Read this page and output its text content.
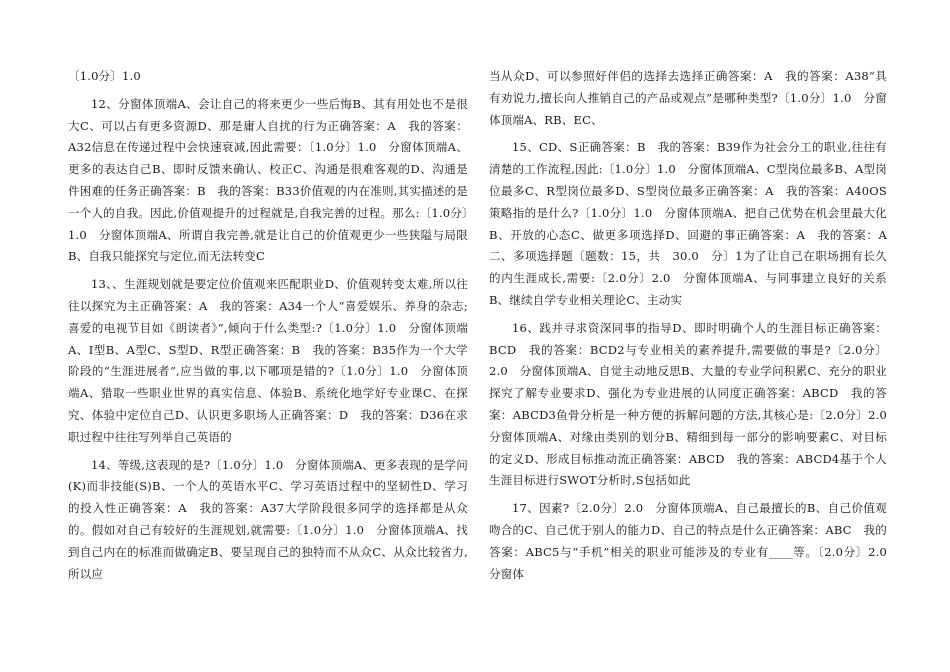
〔1.0分〕1.0

12、分窗体顶端A、会让自己的将来更少一些后悔B、其有用处也不是很大C、可以占有更多资源D、那是庸人自扰的行为正确答案：A　我的答案：A32信息在传递过程中会快速衰减,因此需要：〔1.0分〕1.0　分窗体顶端A、更多的表达自己B、即时反馈来确认、校正C、沟通是很难客观的D、沟通是件困难的任务正确答案：B　我的答案：B33价值观的内在准则,其实描述的是一个人的自我。因此,价值观提升的过程就是,自我完善的过程。那么:〔1.0分〕1.0　分窗体顶端A、所谓自我完善,就是让自己的价值观更少一些狭隘与局限B、自我只能探究与定位,而无法转变C

13、、生涯规划就是要定位价值观来匹配职业D、价值观转变太难,所以往往以探究为主正确答案：A　我的答案：A34一个人“喜爱娱乐、养身的杂志;喜爱的电视节目如《朗读者》”,倾向于什么类型:?〔1.0分〕1.0　分窗体顶端A、I型B、A型C、S型D、R型正确答案：B　我的答案：B35作为一个大学阶段的“生涯进展者”,应当做的事,以下哪项是错的?〔1.0分〕1.0　分窗体顶端A、猎取一些职业世界的真实信息、体验B、系统化地学好专业课C、在探究、体验中定位自己D、认识更多职场人正确答案：D　我的答案：D36在求职过程中往往写列举自己英语的

14、等级,这表现的是?〔1.0分〕1.0　分窗体顶端A、更多表现的是学问(K)而非技能(S)B、一个人的英语水平C、学习英语过程中的坚韧性D、学习的投入性正确答案：A　我的答案：A37大学阶段很多同学的选择都是从众的。假如对自己有较好的生涯规划,就需要:〔1.0分〕1.0　分窗体顶端A、找到自己内在的标准而做确定B、要呈现自己的独特而不从众C、从众比较省力,所以应

当从众D、可以参照好伴侣的选择去选择正确答案：A　我的答案：A38“具有劝说力,擅长向人推销自己的产品或观点”是哪种类型?〔1.0分〕1.0　分窗体顶端A、RB、EC、

15、CD、S正确答案：B　我的答案：B39作为社会分工的职业,往往有清楚的工作流程,因此:〔1.0分〕1.0　分窗体顶端A、C型岗位最多B、A型岗位最多C、R型岗位最多D、S型岗位最多正确答案：A　我的答案：A40OS策略指的是什么?〔1.0分〕1.0　分窗体顶端A、把自己优势在机会里最大化B、开放的心态C、做更多项选择D、回避的事正确答案：A　我的答案：A二、多项选择题〔题数：15，共　30.0　分〕1为了让自己在职场拥有长久的内生涯成长,需要:〔2.0分〕2.0　分窗体顶端A、与同事建立良好的关系B、继续自学专业相关理论C、主动实

16、践并寻求资深同事的指导D、即时明确个人的生涯目标正确答案：BCD　我的答案：BCD2与专业相关的素养提升,需要做的事是?〔2.0分〕2.0　分窗体顶端A、自觉主动地反思B、大量的专业学问积累C、充分的职业探究了解专业要求D、强化为专业进展的认同度正确答案：ABCD　我的答案：ABCD3鱼骨分析是一种方便的拆解问题的方法,其核心是:〔2.0分〕2.0　分窗体顶端A、对缘由类别的划分B、精细到每一部分的影响要素C、对目标的定义D、形成目标推动流正确答案：ABCD　我的答案：ABCD4基于个人生涯目标进行SWOT分析时,S包括如此

17、因素?〔2.0分〕2.0　分窗体顶端A、自己最擅长的B、自己价值观吻合的C、自己优于别人的能力D、自己的特点是什么正确答案：ABC　我的答案：ABC5与“手机”相关的职业可能涉及的专业有____等。〔2.0分〕2.0　分窗体
